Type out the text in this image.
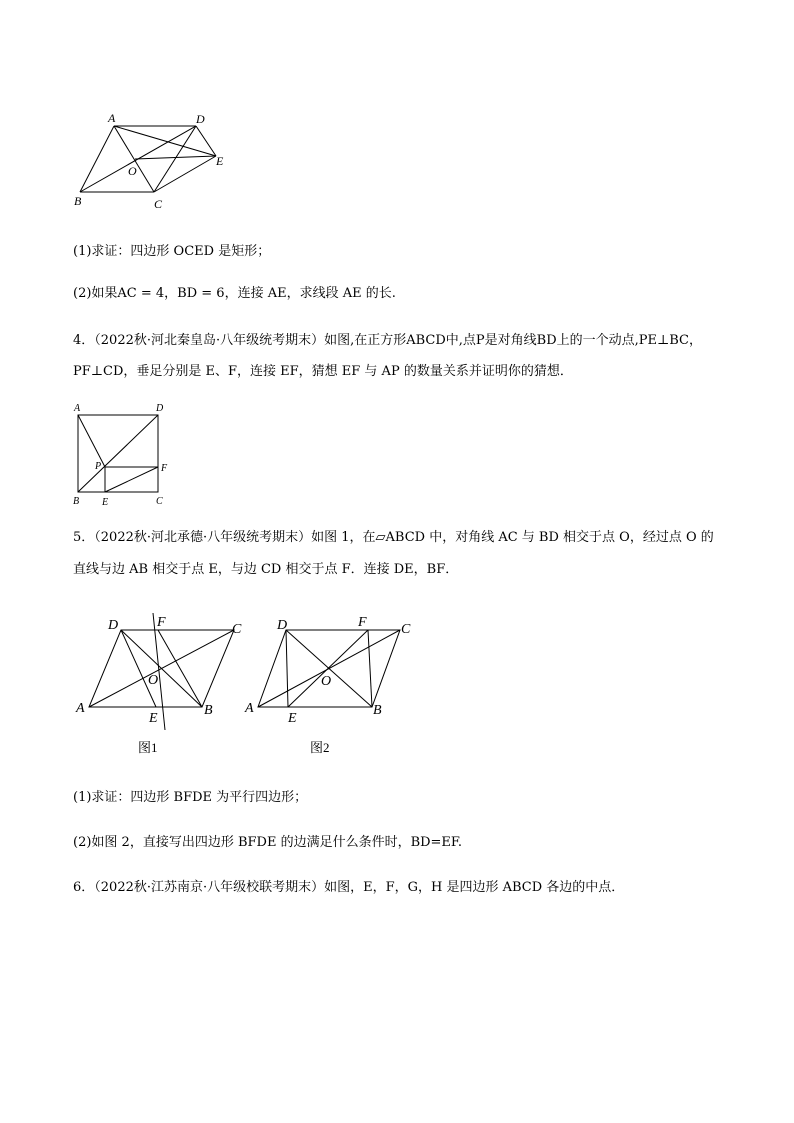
A	D
E
O
B	C
(1)求证：四边形 OCED 是矩形；
(2)如果AC = 4，BD = 6，连接 AE，求线段 AE 的长.
4．（2022秋·河北秦皇岛·八年级统考期末）如图,在正方形ABCD中,点P是对角线BD上的一个动点,PE⊥BC，
PF⊥CD，垂足分别是 E、F，连接 EF，猜想 EF 与 AP 的数量关系并证明你的猜想．
A	D
P	F
B E	C
5．（2022秋·河北承德·八年级统考期末）如图 1，在▱ABCD 中，对角线 AC 与 BD 相交于点 O，经过点 O 的
直线与边 AB 相交于点 E，与边 CD 相交于点 F．连接 DE，BF．
D	F	C
O
A
E
B
图1
D	F C
O
A
E
B
图2
(1)求证：四边形 BFDE 为平行四边形；
(2)如图 2，直接写出四边形 BFDE 的边满足什么条件时，BD=EF.
6．（2022秋·江苏南京·八年级校联考期末）如图，E，F，G，H 是四边形 ABCD 各边的中点．
